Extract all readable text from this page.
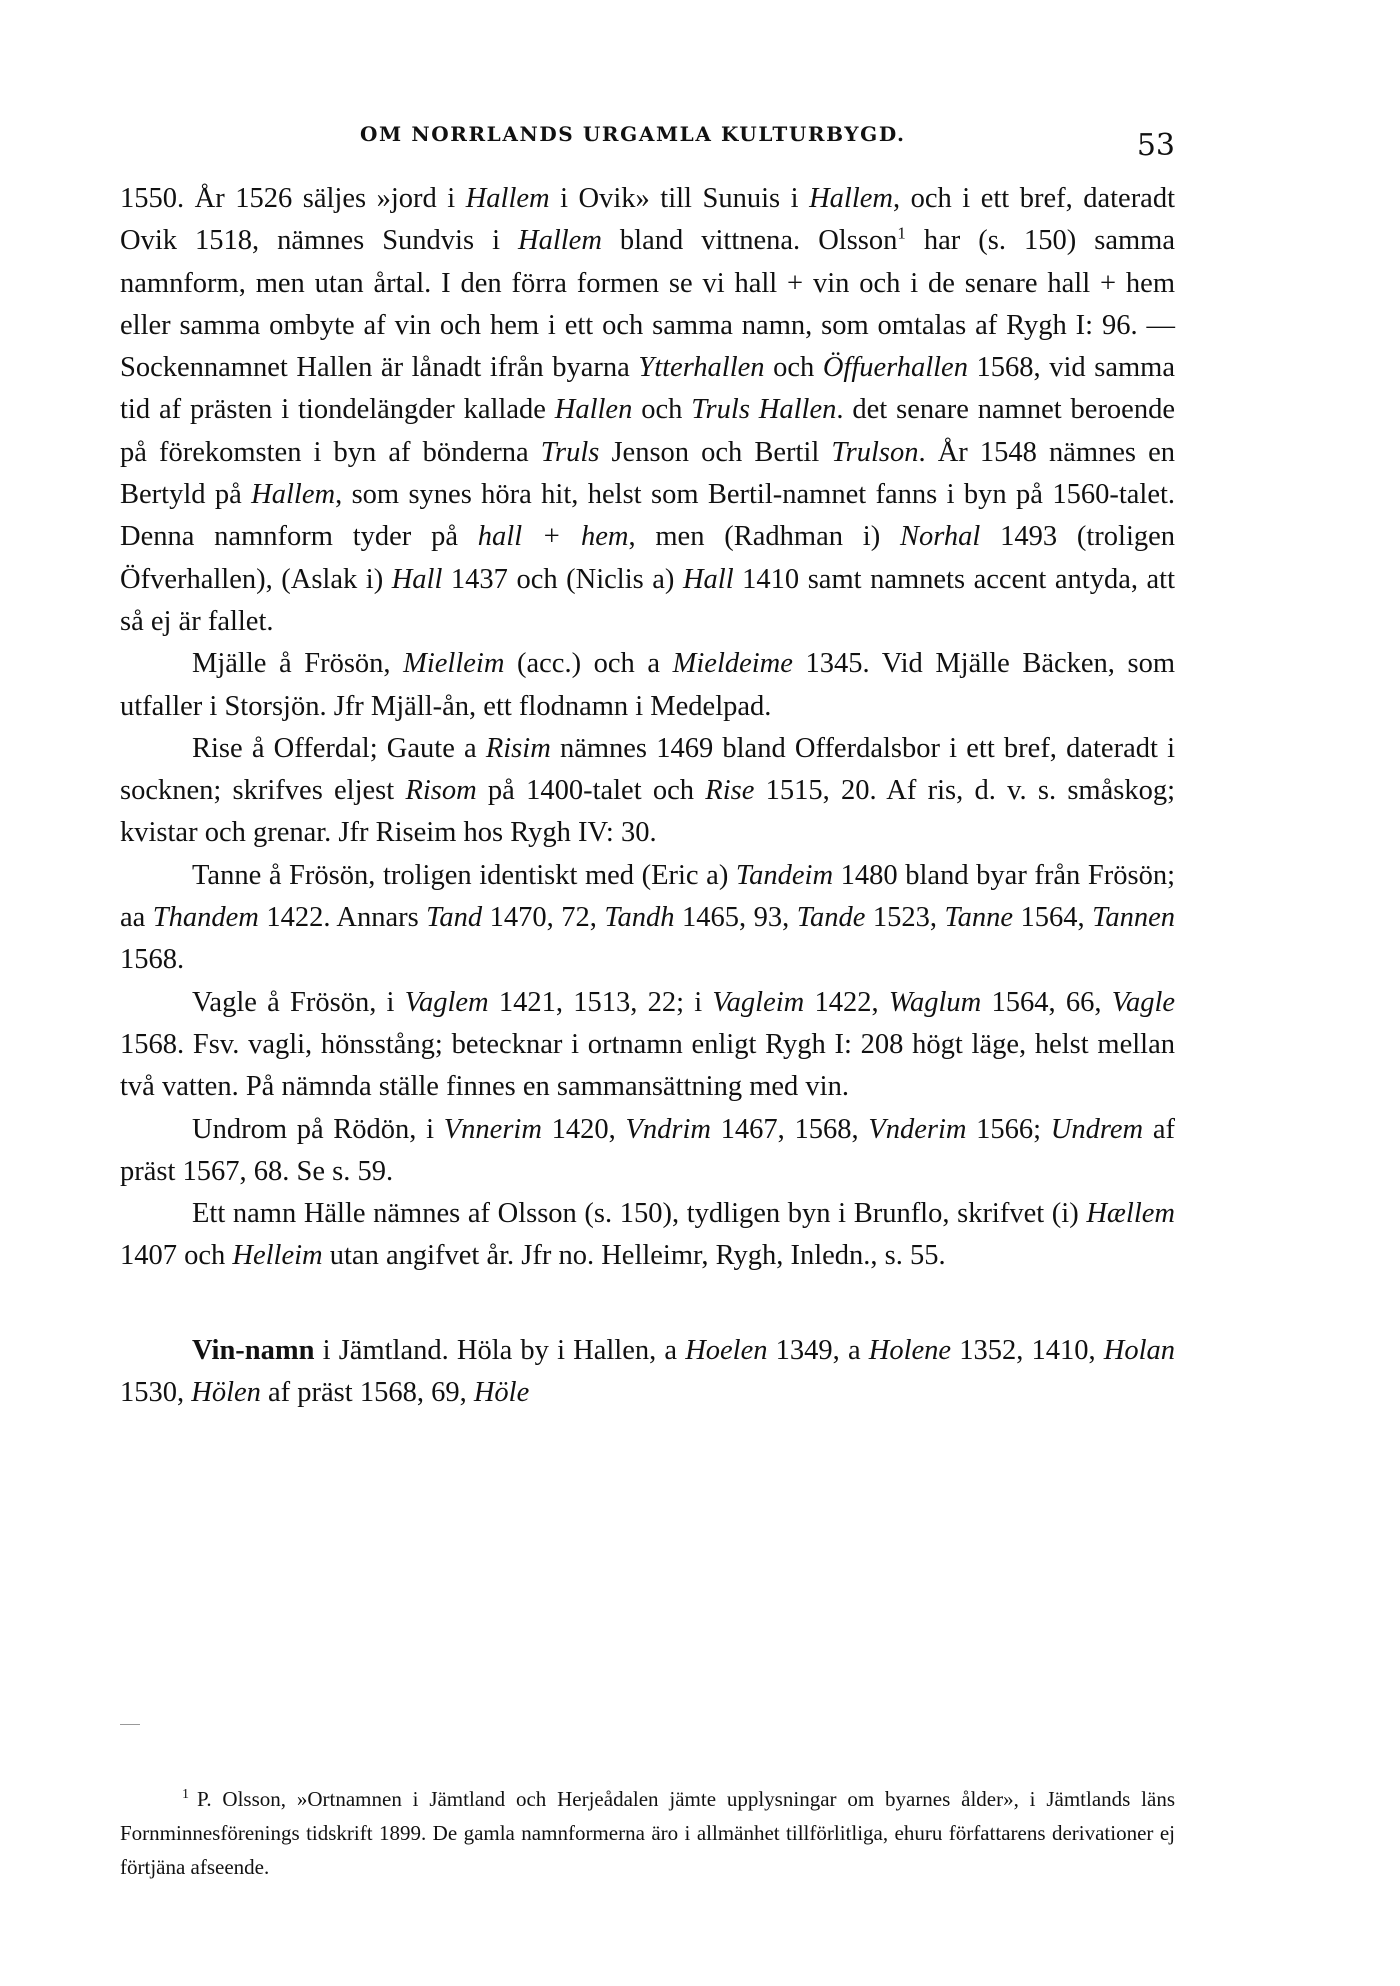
OM NORRLANDS URGAMLA KULTURBYGD.	53

1550. År 1526 säljes »jord i Hallem i Ovik» till Sunuis i Hallem, och i ett bref, dateradt Ovik 1518, nämnes Sundvis i Hallem bland vittnena. Olsson$^1$ har (s. 150) samma namnform, men utan årtal. I den förra formen se vi hall + vin och i de senare hall + hem eller samma ombyte af vin och hem i ett och samma namn, som omtalas af Rygh I: 96. — Sockennamnet Hallen är lånadt ifrån byarna Ytterhallen och Öffuerhallen 1568, vid samma tid af prästen i tiondelängder kallade Hallen och Truls Hallen. det senare namnet beroende på förekomsten i byn af bönderna Truls Jenson och Bertil Trulson. År 1548 nämnes en Bertyld på Hallem, som synes höra hit, helst som Bertil-namnet fanns i byn på 1560-talet. Denna namnform tyder på hall + hem, men (Radhman i) Norhal 1493 (troligen Öfverhallen), (Aslak i) Hall 1437 och (Niclis a) Hall 1410 samt namnets accent antyda, att så ej är fallet.

Mjälle å Frösön, Mielleim (acc.) och a Mieldeime 1345. Vid Mjälle Bäcken, som utfaller i Storsjön. Jfr Mjäll-ån, ett flodnamn i Medelpad.

Rise å Offerdal; Gaute a Risim nämnes 1469 bland Offerdalsbor i ett bref, dateradt i socknen; skrifves eljest Risom på 1400-talet och Rise 1515, 20. Af ris, d. v. s. småskog; kvistar och grenar. Jfr Riseim hos Rygh IV: 30.

Tanne å Frösön, troligen identiskt med (Eric a) Tandeim 1480 bland byar från Frösön; aa Thandem 1422. Annars Tand 1470, 72, Tandh 1465, 93, Tande 1523, Tanne 1564, Tannen 1568.

Vagle å Frösön, i Vaglem 1421, 1513, 22; i Vagleim 1422, Waglum 1564, 66, Vagle 1568. Fsv. vagli, hönsstång; betecknar i ortnamn enligt Rygh I: 208 högt läge, helst mellan två vatten. På nämnda ställe finnes en sammansättning med vin.

Undrom på Rödön, i Vnnerim 1420, Vndrim 1467, 1568, Vnderim 1566; Undrem af präst 1567, 68. Se s. 59.

Ett namn Hälle nämnes af Olsson (s. 150), tydligen byn i Brunflo, skrifvet (i) Hællem 1407 och Helleim utan angifvet år. Jfr no. Helleimr, Rygh, Inledn., s. 55.

Vin-namn i Jämtland. Höla by i Hallen, a Hoelen 1349, a Holene 1352, 1410, Holan 1530, Hölen af präst 1568, 69, Höle

$^1$ P. Olsson, »Ortnamnen i Jämtland och Herjeådalen jämte upplysningar om byarnes ålder», i Jämtlands läns Fornminnesförenings tidskrift 1899. De gamla namnformerna äro i allmänhet tillförlitliga, ehuru författarens derivationer ej förtjäna afseende.
